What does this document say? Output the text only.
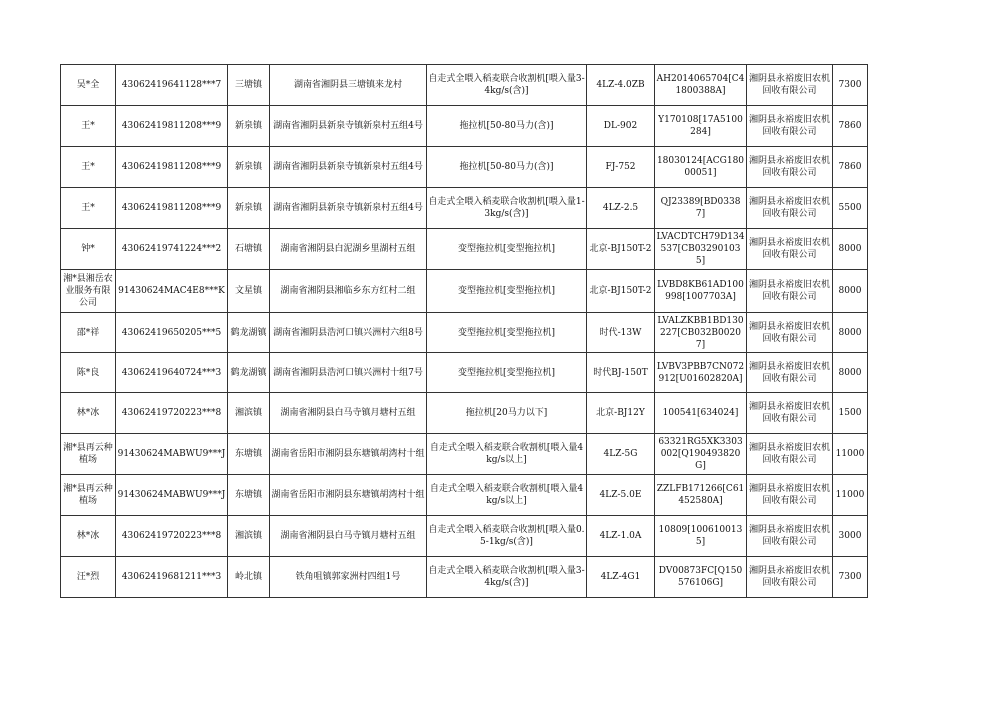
吴*全	43062419641128***7	三塘镇	湖南省湘阴县三塘镇来龙村	自走式全喂入稻麦联合收割机[喂入量3-4kg/s(含)]	4LZ-4.0ZB	AH2014065704[C41800388A]	湘阴县永裕废旧农机回收有限公司	7300
王*	43062419811208***9	新泉镇	湖南省湘阴县新泉寺镇新泉村五组4号	拖拉机[50-80马力(含)]	DL-902	Y170108[17A5100284]	湘阴县永裕废旧农机回收有限公司	7860
王*	43062419811208***9	新泉镇	湖南省湘阴县新泉寺镇新泉村五组4号	拖拉机[50-80马力(含)]	FJ-752	18030124[ACG18000051]	湘阴县永裕废旧农机回收有限公司	7860
王*	43062419811208***9	新泉镇	湖南省湘阴县新泉寺镇新泉村五组4号	自走式全喂入稻麦联合收割机[喂入量1-3kg/s(含)]	4LZ-2.5	QJ23389[BD03387]	湘阴县永裕废旧农机回收有限公司	5500
钟*	43062419741224***2	石塘镇	湖南省湘阴县白泥湖乡里湖村五组	变型拖拉机[变型拖拉机]	北京-BJ150T-2	LVACDTCH79D134537[CB032901035]	湘阴县永裕废旧农机回收有限公司	8000
湘*县湘岳农业服务有限公司	91430624MAC4E8***K	文星镇	湖南省湘阴县湘临乡东方红村二组	变型拖拉机[变型拖拉机]	北京-BJ150T-2	LVBD8KB61AD100998[1007703A]	湘阴县永裕废旧农机回收有限公司	8000
邵*祥	43062419650205***5	鹤龙湖镇	湖南省湘阴县浩河口镇兴洲村六组8号	变型拖拉机[变型拖拉机]	时代-13W	LVALZKBB1BD130227[CB032B00207]	湘阴县永裕废旧农机回收有限公司	8000
陈*良	43062419640724***3	鹤龙湖镇	湖南省湘阴县浩河口镇兴洲村十组7号	变型拖拉机[变型拖拉机]	时代BJ-150T	LVBV3PBB7CN072912[U01602820A]	湘阴县永裕废旧农机回收有限公司	8000
林*冰	43062419720223***8	湘滨镇	湖南省湘阴县白马寺镇月塘村五组	拖拉机[20马力以下]	北京-BJ12Y	100541[634024]	湘阴县永裕废旧农机回收有限公司	1500
湘*县再云种植场	91430624MABWU9***J	东塘镇	湖南省岳阳市湘阴县东塘镇胡湾村十组	自走式全喂入稻麦联合收割机[喂入量4kg/s以上]	4LZ-5G	63321RG5XK3303002[Q190493820G]	湘阴县永裕废旧农机回收有限公司	11000
湘*县再云种植场	91430624MABWU9***J	东塘镇	湖南省岳阳市湘阴县东塘镇胡湾村十组	自走式全喂入稻麦联合收割机[喂入量4kg/s以上]	4LZ-5.0E	ZZLFB171266[C61452580A]	湘阴县永裕废旧农机回收有限公司	11000
林*冰	43062419720223***8	湘滨镇	湖南省湘阴县白马寺镇月塘村五组	自走式全喂入稻麦联合收割机[喂入量0.5-1kg/s(含)]	4LZ-1.0A	10809[1006100135]	湘阴县永裕废旧农机回收有限公司	3000
汪*烈	43062419681211***3	岭北镇	铁角咀镇郭家洲村四组1号	自走式全喂入稻麦联合收割机[喂入量3-4kg/s(含)]	4LZ-4G1	DV00873FC[Q150576106G]	湘阴县永裕废旧农机回收有限公司	7300
